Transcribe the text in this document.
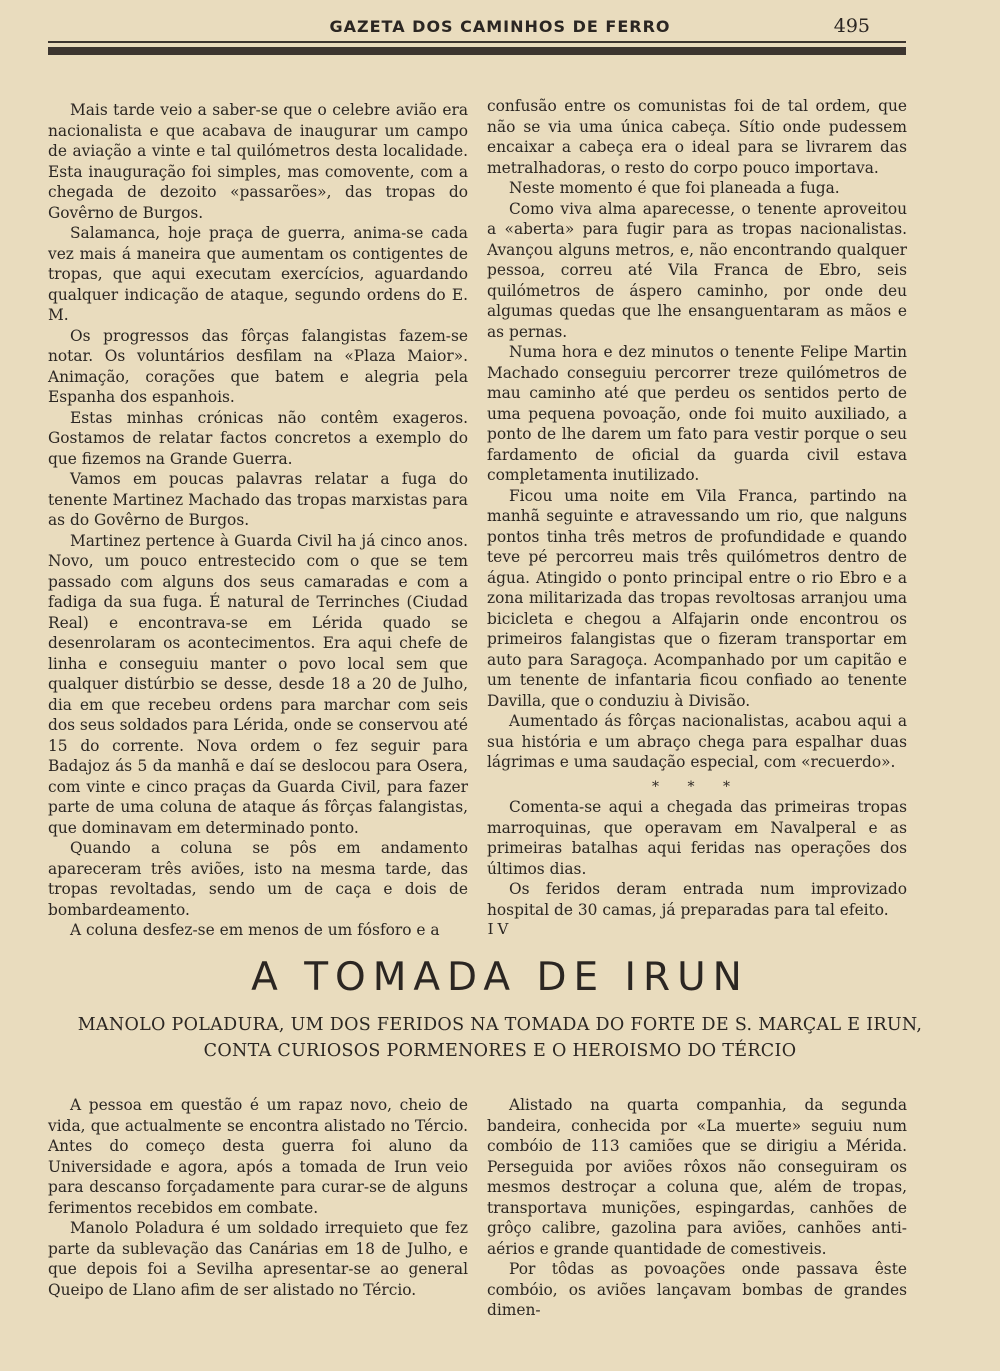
GAZETA DOS CAMINHOS DE FERRO	495

Mais tarde veio a saber-se que o celebre avião era nacionalista e que acabava de inaugurar um campo de aviação a vinte e tal quilómetros desta localidade. Esta inauguração foi simples, mas comovente, com a chegada de dezoito «passarões», das tropas do Govêrno de Burgos.

Salamanca, hoje praça de guerra, anima-se cada vez mais á maneira que aumentam os contigentes de tropas, que aqui executam exercícios, aguardando qualquer indicação de ataque, segundo ordens do E. M.

Os progressos das fôrças falangistas fazem-se notar. Os voluntários desfilam na «Plaza Maior». Animação, corações que batem e alegria pela Espanha dos espanhois.

Estas minhas crónicas não contêm exageros. Gostamos de relatar factos concretos a exemplo do que fizemos na Grande Guerra.

Vamos em poucas palavras relatar a fuga do tenente Martinez Machado das tropas marxistas para as do Govêrno de Burgos.

Martinez pertence à Guarda Civil ha já cinco anos. Novo, um pouco entrestecido com o que se tem passado com alguns dos seus camaradas e com a fadiga da sua fuga. É natural de Terrinches (Ciudad Real) e encontrava-se em Lérida quado se desenrolaram os acontecimentos. Era aqui chefe de linha e conseguiu manter o povo local sem que qualquer distúrbio se desse, desde 18 a 20 de Julho, dia em que recebeu ordens para marchar com seis dos seus soldados para Lérida, onde se conservou até 15 do corrente. Nova ordem o fez seguir para Badajoz ás 5 da manhã e daí se deslocou para Osera, com vinte e cinco praças da Guarda Civil, para fazer parte de uma coluna de ataque ás fôrças falangistas, que dominavam em determinado ponto.

Quando a coluna se pôs em andamento apareceram três aviões, isto na mesma tarde, das tropas revoltadas, sendo um de caça e dois de bombardeamento.

A coluna desfez-se em menos de um fósforo e a

confusão entre os comunistas foi de tal ordem, que não se via uma única cabeça. Sítio onde pudessem encaixar a cabeça era o ideal para se livrarem das metralhadoras, o resto do corpo pouco importava.

Neste momento é que foi planeada a fuga.

Como viva alma aparecesse, o tenente aproveitou a «aberta» para fugir para as tropas nacionalistas. Avançou alguns metros, e, não encontrando qualquer pessoa, correu até Vila Franca de Ebro, seis quilómetros de áspero caminho, por onde deu algumas quedas que lhe ensanguentaram as mãos e as pernas.

Numa hora e dez minutos o tenente Felipe Martin Machado conseguiu percorrer treze quilómetros de mau caminho até que perdeu os sentidos perto de uma pequena povoação, onde foi muito auxiliado, a ponto de lhe darem um fato para vestir porque o seu fardamento de oficial da guarda civil estava completamenta inutilizado.

Ficou uma noite em Vila Franca, partindo na manhã seguinte e atravessando um rio, que nalguns pontos tinha três metros de profundidade e quando teve pé percorreu mais três quilómetros dentro de água. Atingido o ponto principal entre o rio Ebro e a zona militarizada das tropas revoltosas arranjou uma bicicleta e chegou a Alfajarin onde encontrou os primeiros falangistas que o fizeram transportar em auto para Saragoça. Acompanhado por um capitão e um tenente de infantaria ficou confiado ao tenente Davilla, que o conduziu à Divisão.

Aumentado ás fôrças nacionalistas, acabou aqui a sua história e um abraço chega para espalhar duas lágrimas e uma saudação especial, com «recuerdo».

* * *

Comenta-se aqui a chegada das primeiras tropas marroquinas, que operavam em Navalperal e as primeiras batalhas aqui feridas nas operações dos últimos dias.

Os feridos deram entrada num improvizado hospital de 30 camas, já preparadas para tal efeito.

IV
A TOMADA DE IRUN
MANOLO POLADURA, UM DOS FERIDOS NA TOMADA DO FORTE DE S. MARÇAL E IRUN,
CONTA CURIOSOS PORMENORES E O HEROISMO DO TÉRCIO

A pessoa em questão é um rapaz novo, cheio de vida, que actualmente se encontra alistado no Tércio. Antes do começo desta guerra foi aluno da Universidade e agora, após a tomada de Irun veio para descanso forçadamente para curar-se de alguns ferimentos recebidos em combate.

Manolo Poladura é um soldado irrequieto que fez parte da sublevação das Canárias em 18 de Julho, e que depois foi a Sevilha apresentar-se ao general Queipo de Llano afim de ser alistado no Tércio.

Alistado na quarta companhia, da segunda bandeira, conhecida por «La muerte» seguiu num combóio de 113 camiões que se dirigiu a Mérida. Perseguida por aviões rôxos não conseguiram os mesmos destroçar a coluna que, além de tropas, transportava munições, espingardas, canhões de grôço calibre, gazolina para aviões, canhões anti-aérios e grande quantidade de comestiveis.

Por tôdas as povoações onde passava êste combóio, os aviões lançavam bombas de grandes dimen-
